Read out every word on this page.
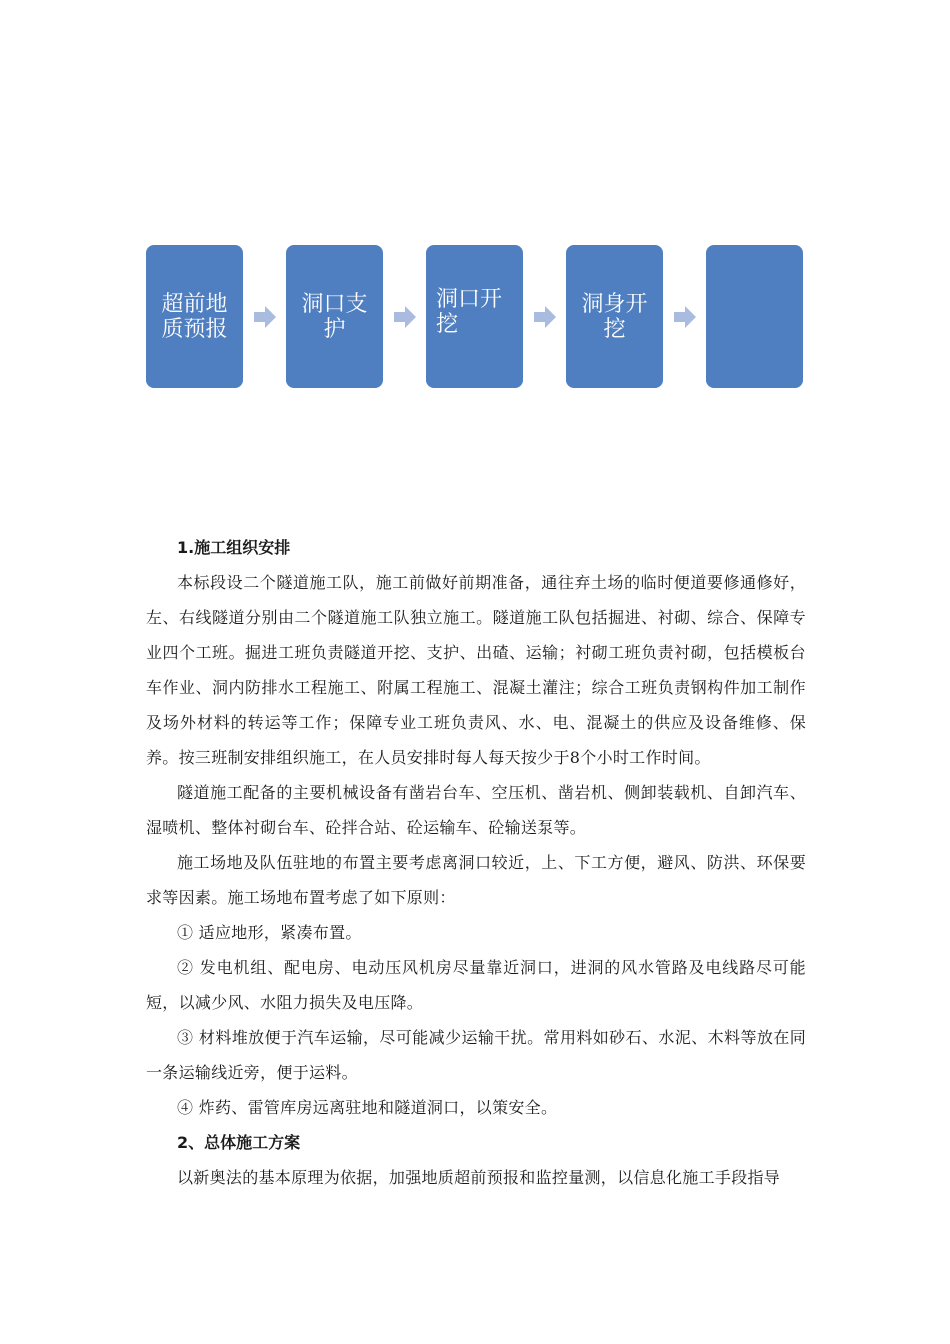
超前地质预报
洞口支护
洞口开挖
洞身开挖

1.施工组织安排

本标段设二个隧道施工队，施工前做好前期准备，通往弃土场的临时便道要修通修好，左、右线隧道分别由二个隧道施工队独立施工。隧道施工队包括掘进、衬砌、综合、保障专业四个工班。掘进工班负责隧道开挖、支护、出碴、运输；衬砌工班负责衬砌，包括模板台车作业、洞内防排水工程施工、附属工程施工、混凝土灌注；综合工班负责钢构件加工制作及场外材料的转运等工作；保障专业工班负责风、水、电、混凝土的供应及设备维修、保养。按三班制安排组织施工，在人员安排时每人每天按少于8个小时工作时间。

隧道施工配备的主要机械设备有凿岩台车、空压机、凿岩机、侧卸装载机、自卸汽车、湿喷机、整体衬砌台车、砼拌合站、砼运输车、砼输送泵等。

施工场地及队伍驻地的布置主要考虑离洞口较近，上、下工方便，避风、防洪、环保要求等因素。施工场地布置考虑了如下原则：

① 适应地形，紧凑布置。

② 发电机组、配电房、电动压风机房尽量靠近洞口，进洞的风水管路及电线路尽可能短，以减少风、水阻力损失及电压降。

③ 材料堆放便于汽车运输，尽可能减少运输干扰。常用料如砂石、水泥、木料等放在同一条运输线近旁，便于运料。

④ 炸药、雷管库房远离驻地和隧道洞口，以策安全。

2、总体施工方案

以新奥法的基本原理为依据，加强地质超前预报和监控量测，以信息化施工手段指导
